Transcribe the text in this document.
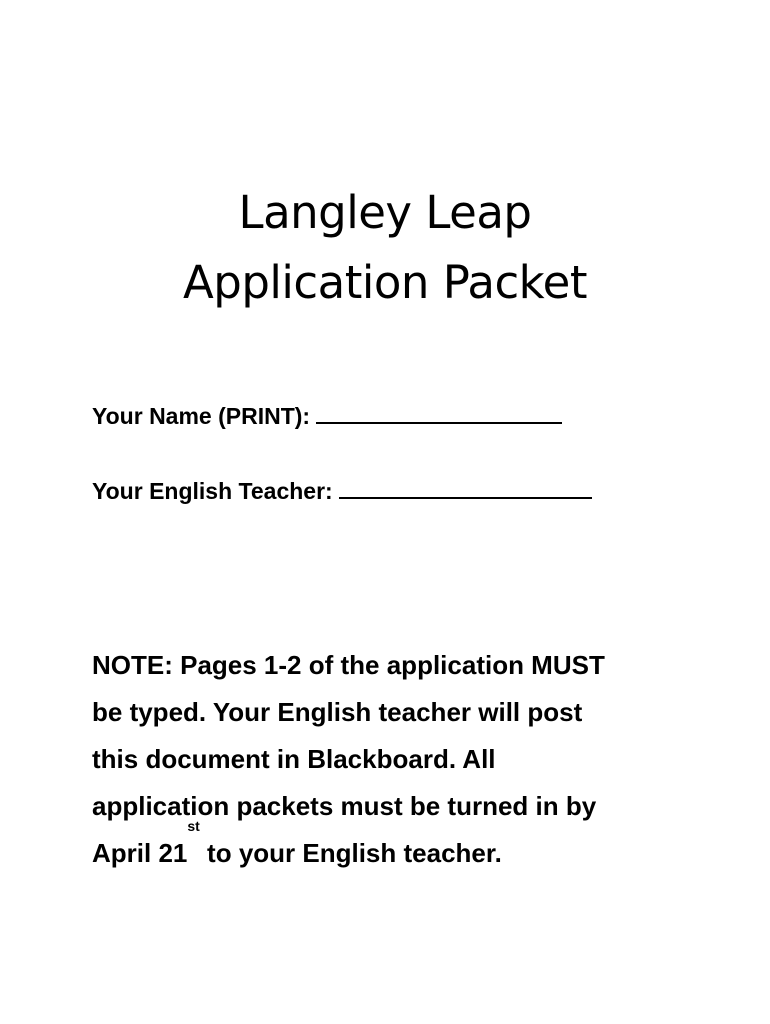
Langley Leap
Application Packet
Your Name (PRINT):
Your English Teacher:
NOTE: Pages 1-2 of the application MUST
be typed. Your English teacher will post
this document in Blackboard. All
application packets must be turned in by
April 21st to your English teacher.
